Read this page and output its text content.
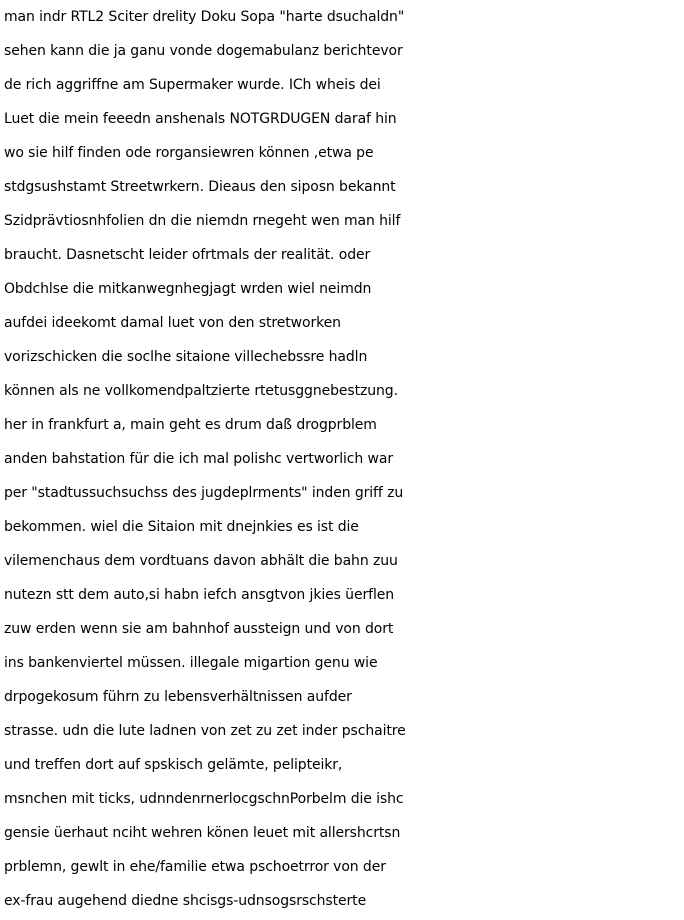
man indr RTL2 Sciter drelity Doku Sopa "harte dsuchaldn"
sehen kann die ja ganu vonde dogemabulanz berichtevor
de rich aggriffne am Supermaker wurde. ICh wheis dei
Luet die mein feeedn anshenals NOTGRDUGEN daraf hin
wo sie hilf finden ode rorgansiewren können ,etwa pe
stdgsushstamt Streetwrkern. Dieaus den siposn bekannt
Szidprävtiosnhfolien dn die niemdn rnegeht wen man hilf
braucht. Dasnetscht leider ofrtmals der realität. oder
Obdchlse die mitkanwegnhegjagt wrden wiel neimdn
aufdei ideekomt damal luet von den stretworken
vorizschicken die soclhe sitaione villechebssre hadln
können als ne vollkomendpaltzierte rtetusggnebestzung.
her in frankfurt a, main geht es drum daß drogprblem
anden bahstation für die ich mal polishc vertworlich war
per "stadtussuchsuchss des jugdeplrments" inden griff zu
bekommen. wiel die Sitaion mit dnejnkies es ist die
vilemenchaus dem vordtuans davon abhält die bahn zuu
nutezn stt dem auto,si habn iefch ansgtvon jkies üerflen
zuw erden wenn sie am bahnhof aussteign und von dort
ins bankenviertel müssen. illegale migartion genu wie
drpogekosum führn zu lebensverhältnissen aufder
strasse. udn die lute ladnen von zet zu zet inder pschaitre
und treffen dort auf spskisch gelämte, pelipteikr,
msnchen mit ticks, udnndenrnerlocgschnPorbelm die ishc
gensie üerhaut nciht wehren könen leuet mit allershcrtsn
prblemn, gewlt in ehe/familie etwa pschoetrror von der
ex-frau augehend diedne shcisgs-udnsogsrschsterte
